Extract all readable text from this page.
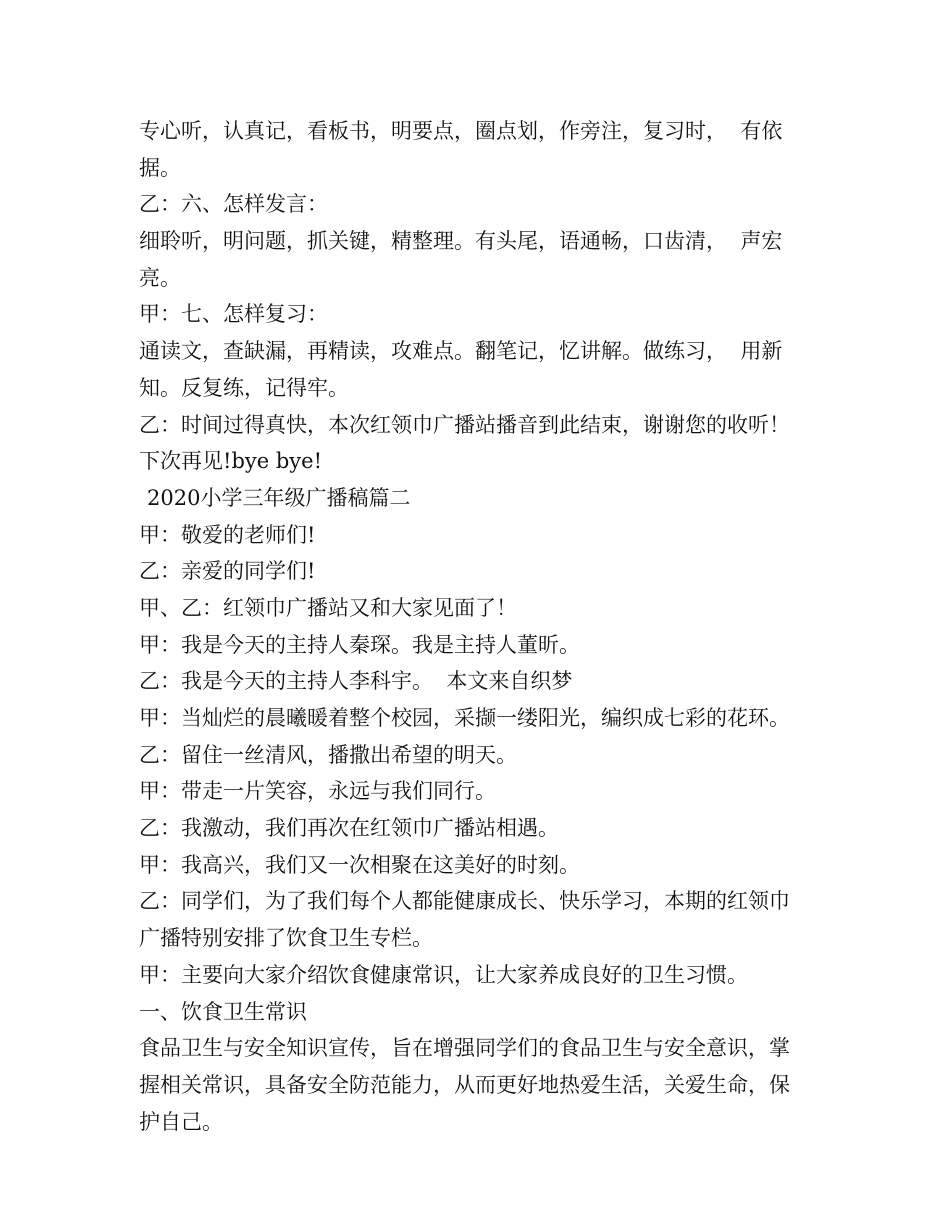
专心听，认真记，看板书，明要点，圈点划，作旁注，复习时，  有依
据。
乙：六、怎样发言：
细聆听，明问题，抓关键，精整理。有头尾，语通畅，口齿清，  声宏
亮。
甲：七、怎样复习：
通读文，查缺漏，再精读，攻难点。翻笔记，忆讲解。做练习，  用新
知。反复练，记得牢。
乙：时间过得真快，本次红领巾广播站播音到此结束，谢谢您的收听！
下次再见!bye bye!
2020小学三年级广播稿篇二
甲：敬爱的老师们!
乙：亲爱的同学们!
甲、乙：红领巾广播站又和大家见面了！
甲：我是今天的主持人秦琛。我是主持人董昕。
乙：我是今天的主持人李科宇。  本文来自织梦
甲：当灿烂的晨曦暖着整个校园，采撷一缕阳光，编织成七彩的花环。
乙：留住一丝清风，播撒出希望的明天。
甲：带走一片笑容，永远与我们同行。
乙：我激动，我们再次在红领巾广播站相遇。
甲：我高兴，我们又一次相聚在这美好的时刻。
乙：同学们，为了我们每个人都能健康成长、快乐学习，本期的红领巾
广播特别安排了饮食卫生专栏。
甲：主要向大家介绍饮食健康常识，让大家养成良好的卫生习惯。
一、饮食卫生常识
食品卫生与安全知识宣传，旨在增强同学们的食品卫生与安全意识，掌
握相关常识，具备安全防范能力，从而更好地热爱生活，关爱生命，保
护自己。
